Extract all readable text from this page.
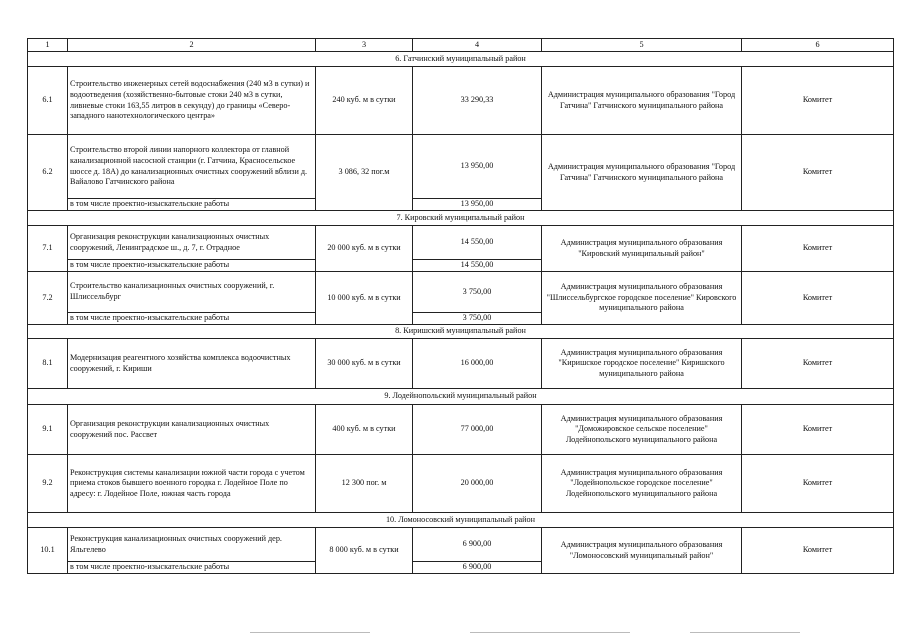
1	2	3	4	5	6
6. Гатчинский муниципальный район					
6.1	Строительство инженерных сетей водоснабжения (240 м3 в сутки) и водоотведения (хозяйственно-бытовые стоки 240 м3 в сутки, ливневые стоки 163,55 литров в секунду) до границы «Северо-западного нанотехнологического центра»	240 куб. м в сутки	33 290,33	Администрация муниципального образования "Город Гатчина" Гатчинского муниципального района	Комитет
6.2	Строительство второй линии напорного коллектора от главной канализационной насосной станции (г. Гатчина, Красносельское шоссе д. 18А) до канализационных очистных сооружений вблизи д. Вайалово Гатчинского района	3 086, 32 пог.м	13 950,00	Администрация муниципального образования "Город Гатчина" Гатчинского муниципального района	Комитет
	в том числе проектно-изыскательские работы		13 950,00		
7. Кировский муниципальный район					
7.1	Организация реконструкции канализационных очистных сооружений, Ленинградское ш., д. 7, г. Отрадное	20 000 куб. м в сутки	14 550,00	Администрация муниципального образования "Кировский муниципальный район"	Комитет
	в том числе проектно-изыскательские работы		14 550,00		
7.2	Строительство канализационных очистных сооружений, г. Шлиссельбург	10 000 куб. м в сутки	3 750,00	Администрация муниципального образования "Шлиссельбургское городское поселение" Кировского муниципального района	Комитет
	в том числе проектно-изыскательские работы		3 750,00		
8. Киришский муниципальный район					
8.1	Модернизация реагентного хозяйства комплекса водоочистных сооружений, г. Кириши	30 000 куб. м в сутки	16 000,00	Администрация муниципального образования "Киришское городское поселение" Киришского муниципального района	Комитет
9. Лодейнопольский муниципальный район					
9.1	Организация реконструкции канализационных очистных сооружений пос. Рассвет	400 куб. м в сутки	77 000,00	Администрация муниципального образования "Доможировское сельское поселение" Лодейнопольского муниципального района	Комитет
9.2	Реконструкция системы канализации южной части города с учетом приема стоков бывшего военного городка г. Лодейное Поле по адресу: г. Лодейное Поле, южная часть города	12 300 пог. м	20 000,00	Администрация муниципального образования "Лодейнопольское городское поселение" Лодейнопольского муниципального района	Комитет
10. Ломоносовский муниципальный район					
10.1	Реконструкция канализационных очистных сооружений дер. Яльгелево	8 000 куб. м в сутки	6 900,00	Администрация муниципального образования "Ломоносовский муниципальный район"	Комитет
	в том числе проектно-изыскательские работы		6 900,00		
